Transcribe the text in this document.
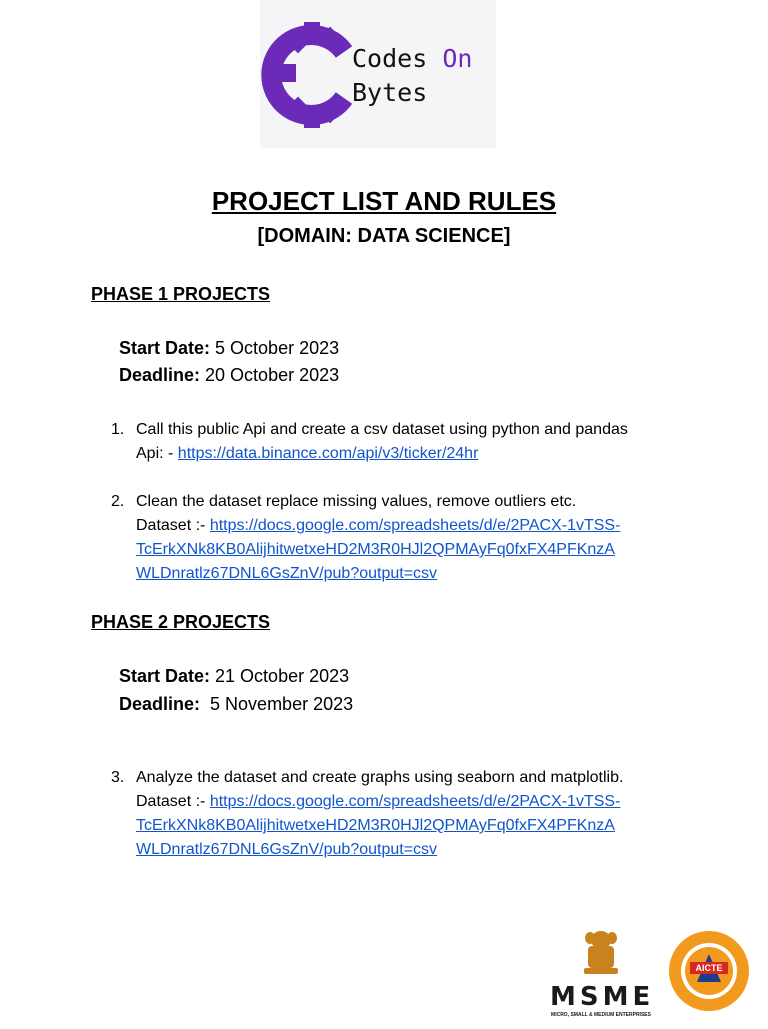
Codes On
Bytes
PROJECT LIST AND RULES
[DOMAIN: DATA SCIENCE]
PHASE 1 PROJECTS
Start Date: 5 October 2023
Deadline: 20 October 2023
1. Call this public Api and create a csv dataset using python and pandas
Api: - https://data.binance.com/api/v3/ticker/24hr
2. Clean the dataset replace missing values, remove outliers etc.
Dataset :- https://docs.google.com/spreadsheets/d/e/2PACX-1vTSS-
TcErkXNk8KB0AlijhitwetxeHD2M3R0HJl2QPMAyFq0fxFX4PFKnzA
WLDnratlz67DNL6GsZnV/pub?output=csv
PHASE 2 PROJECTS
Start Date: 21 October 2023
Deadline:  5 November 2023
3. Analyze the dataset and create graphs using seaborn and matplotlib.
Dataset :- https://docs.google.com/spreadsheets/d/e/2PACX-1vTSS-
TcErkXNk8KB0AlijhitwetxeHD2M3R0HJl2QPMAyFq0fxFX4PFKnzA
WLDnratlz67DNL6GsZnV/pub?output=csv
MSME
MICRO, SMALL & MEDIUM ENTERPRISES
AICTE
